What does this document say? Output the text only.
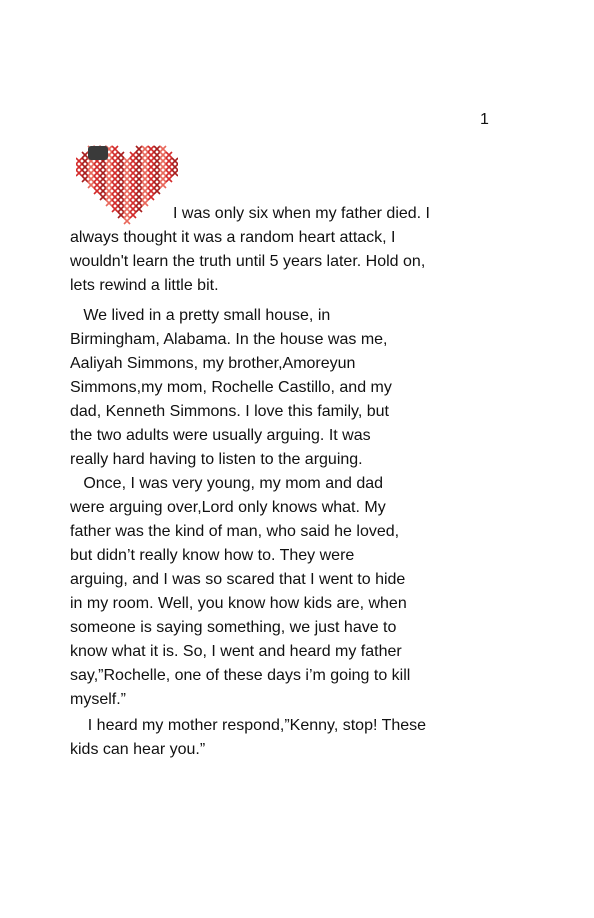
1
I was only six when my father died. I
always thought it was a random heart attack, I
wouldn't learn the truth until 5 years later. Hold on,
lets rewind a little bit.
We lived in a pretty small house, in
Birmingham, Alabama. In the house was me,
Aaliyah Simmons, my brother,Amoreyun
Simmons,my mom, Rochelle Castillo, and my
dad, Kenneth Simmons. I love this family, but
the two adults were usually arguing. It was
really hard having to listen to the arguing.
Once, I was very young, my mom and dad
were arguing over,Lord only knows what. My
father was the kind of man, who said he loved,
but didn’t really know how to. They were
arguing, and I was so scared that I went to hide
in my room. Well, you know how kids are, when
someone is saying something, we just have to
know what it is. So, I went and heard my father
say,”Rochelle, one of these days i’m going to kill
myself.”
I heard my mother respond,”Kenny, stop! These
kids can hear you.”
